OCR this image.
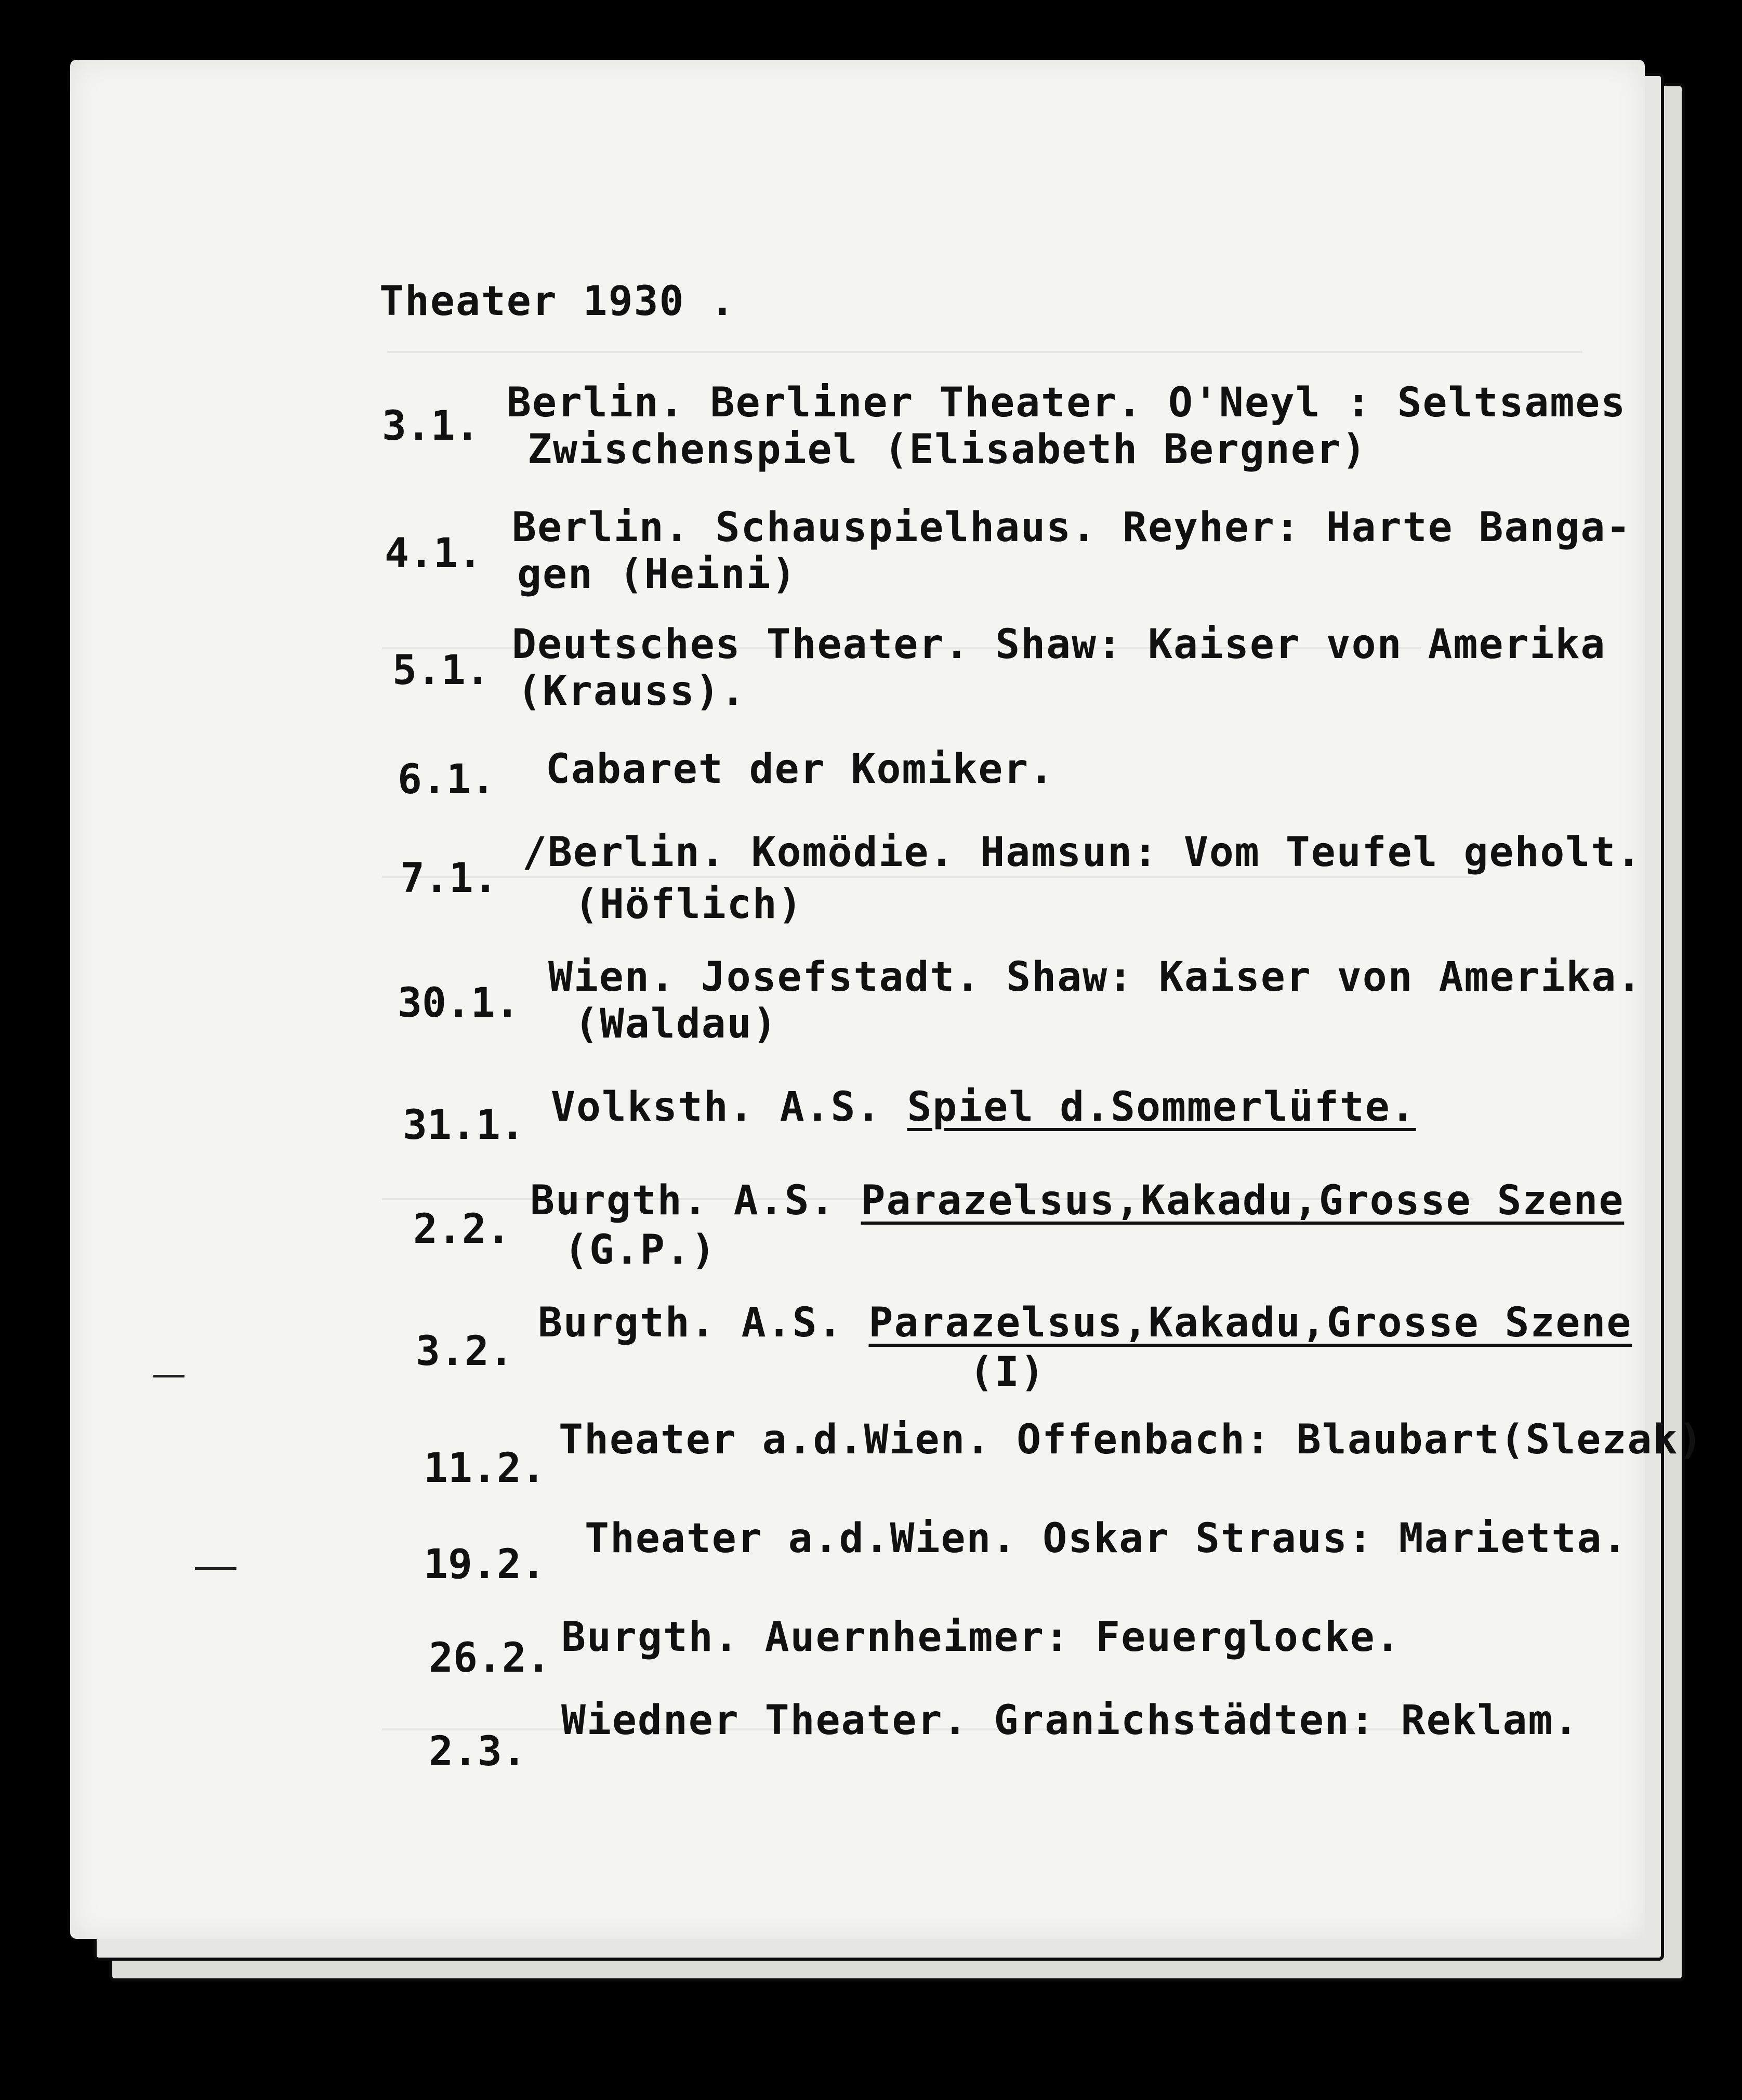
Theater 1930 .
3.1. Berlin. Berliner Theater. O'Neyl : Seltsames
Zwischenspiel (Elisabeth Bergner)
4.1.
Berlin. Schauspielhaus. Reyher: Harte Banga-
gen (Heini)
5.1.
Deutsches Theater. Shaw: Kaiser von Amerika
(Krauss).
6.1. Cabaret der Komiker.
7.1.
/Berlin. Komödie. Hamsun: Vom Teufel geholt.
(Höflich)
30.1.
Wien. Josefstadt. Shaw: Kaiser von Amerika.
(Waldau)
31.1. Volksth. A.S. Spiel d.Sommerlüfte.
2.2.
Burgth. A.S. Parazelsus,Kakadu,Grosse Szene
(G.P.)
3.2.
Burgth. A.S. Parazelsus,Kakadu,Grosse Szene
(I)
11.2.
Theater a.d.Wien. Offenbach: Blaubart(Slezak)
19.2.
Theater a.d.Wien. Oskar Straus: Marietta.
26.2. Burgth. Auernheimer: Feuerglocke.
2.3.
Wiedner Theater. Granichstädten: Reklam.
